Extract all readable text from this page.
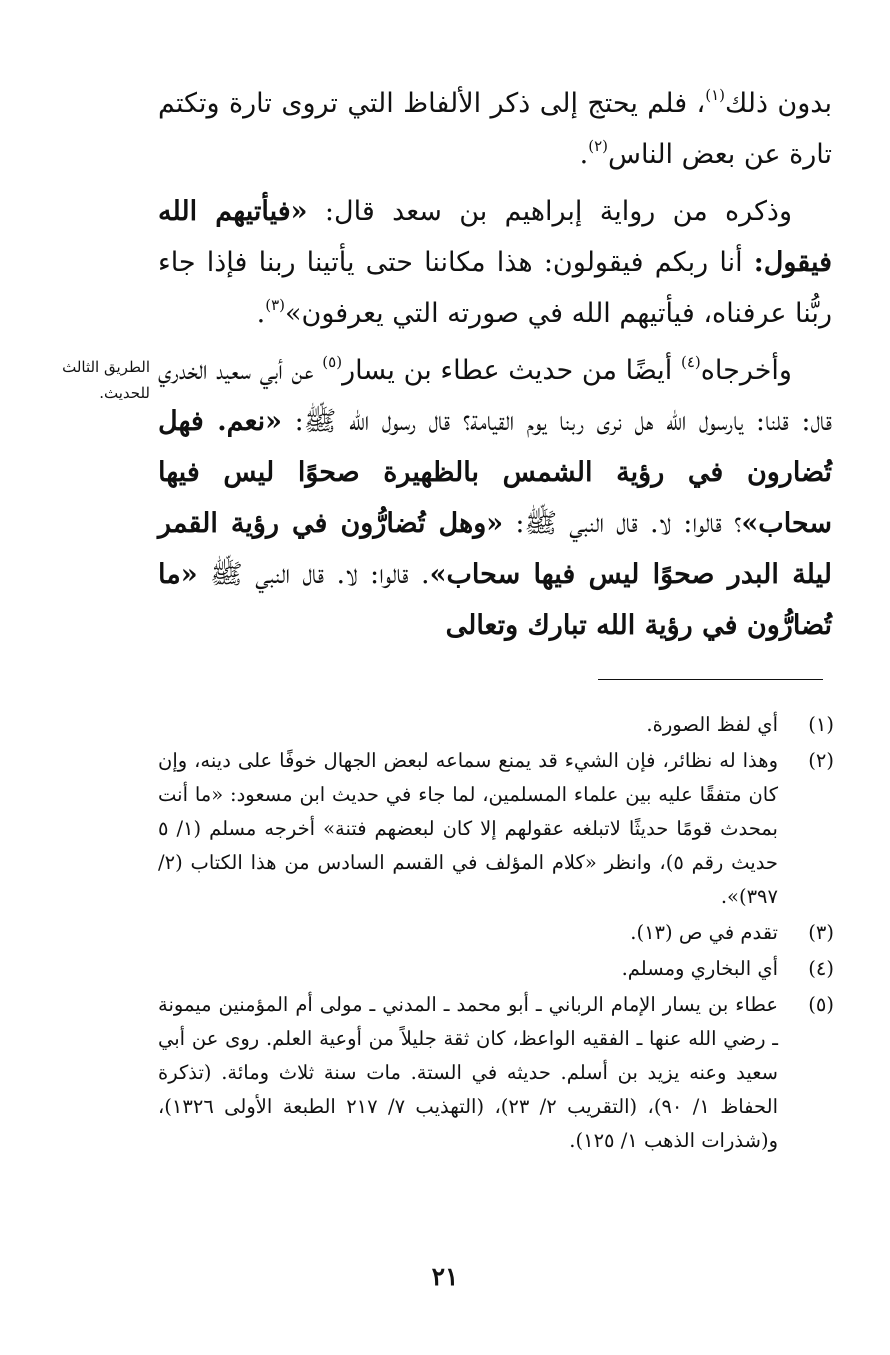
بدون ذلك$^{(١)}$، فلم يحتج إلى ذكر الألفاظ التي تروى تارة وتكتم تارة عن بعض الناس$^{(٢)}$.

وذكره من رواية إبراهيم بن سعد قال: «فيأتيهم الله فيقول: أنا ربكم فيقولون: هذا مكاننا حتى يأتينا ربنا فإذا جاء ربُّنا عرفناه، فيأتيهم الله في صورته التي يعرفون»$^{(٣)}$.

وأخرجاه$^{(٤)}$ أيضًا من حديث عطاء بن يسار$^{(٥)}$ عن أبي سعيد الخدري قال: قلنا: يارسول الله هل نرى ربنا يوم القيامة؟ قال رسول الله ﷺ: «نعم. فهل تُضارون في رؤية الشمس بالظهيرة صحوًا ليس فيها سحاب»؟ قالوا: لا. قال النبي ﷺ: «وهل تُضارُّون في رؤية القمر ليلة البدر صحوًا ليس فيها سحاب». قالوا: لا. قال النبي ﷺ «ما تُضارُّون في رؤية الله تبارك وتعالى

الطريق الثالث للحديث.
(١)
أي لفظ الصورة.
(٢)
وهذا له نظائر، فإن الشيء قد يمنع سماعه لبعض الجهال خوفًا على دينه، وإن كان متفقًا عليه بين علماء المسلمين، لما جاء في حديث ابن مسعود: «ما أنت بمحدث قومًا حديثًا لاتبلغه عقولهم إلا كان لبعضهم فتنة» أخرجه مسلم (١/ ٥ حديث رقم ٥)، وانظر «كلام المؤلف في القسم السادس من هذا الكتاب (٢/ ٣٩٧)».
(٣)
تقدم في ص (١٣).
(٤)
أي البخاري ومسلم.
(٥)
عطاء بن يسار الإمام الرباني ـ أبو محمد ـ المدني ـ مولى أم المؤمنين ميمونة ـ رضي الله عنها ـ الفقيه الواعظ، كان ثقة جليلاً من أوعية العلم. روى عن أبي سعيد وعنه يزيد بن أسلم. حديثه في الستة. مات سنة ثلاث ومائة. (تذكرة الحفاظ ١/ ٩٠)، (التقريب ٢/ ٢٣)، (التهذيب ٧/ ٢١٧ الطبعة الأولى ١٣٢٦)، و(شذرات الذهب ١/ ١٢٥).
٢١
